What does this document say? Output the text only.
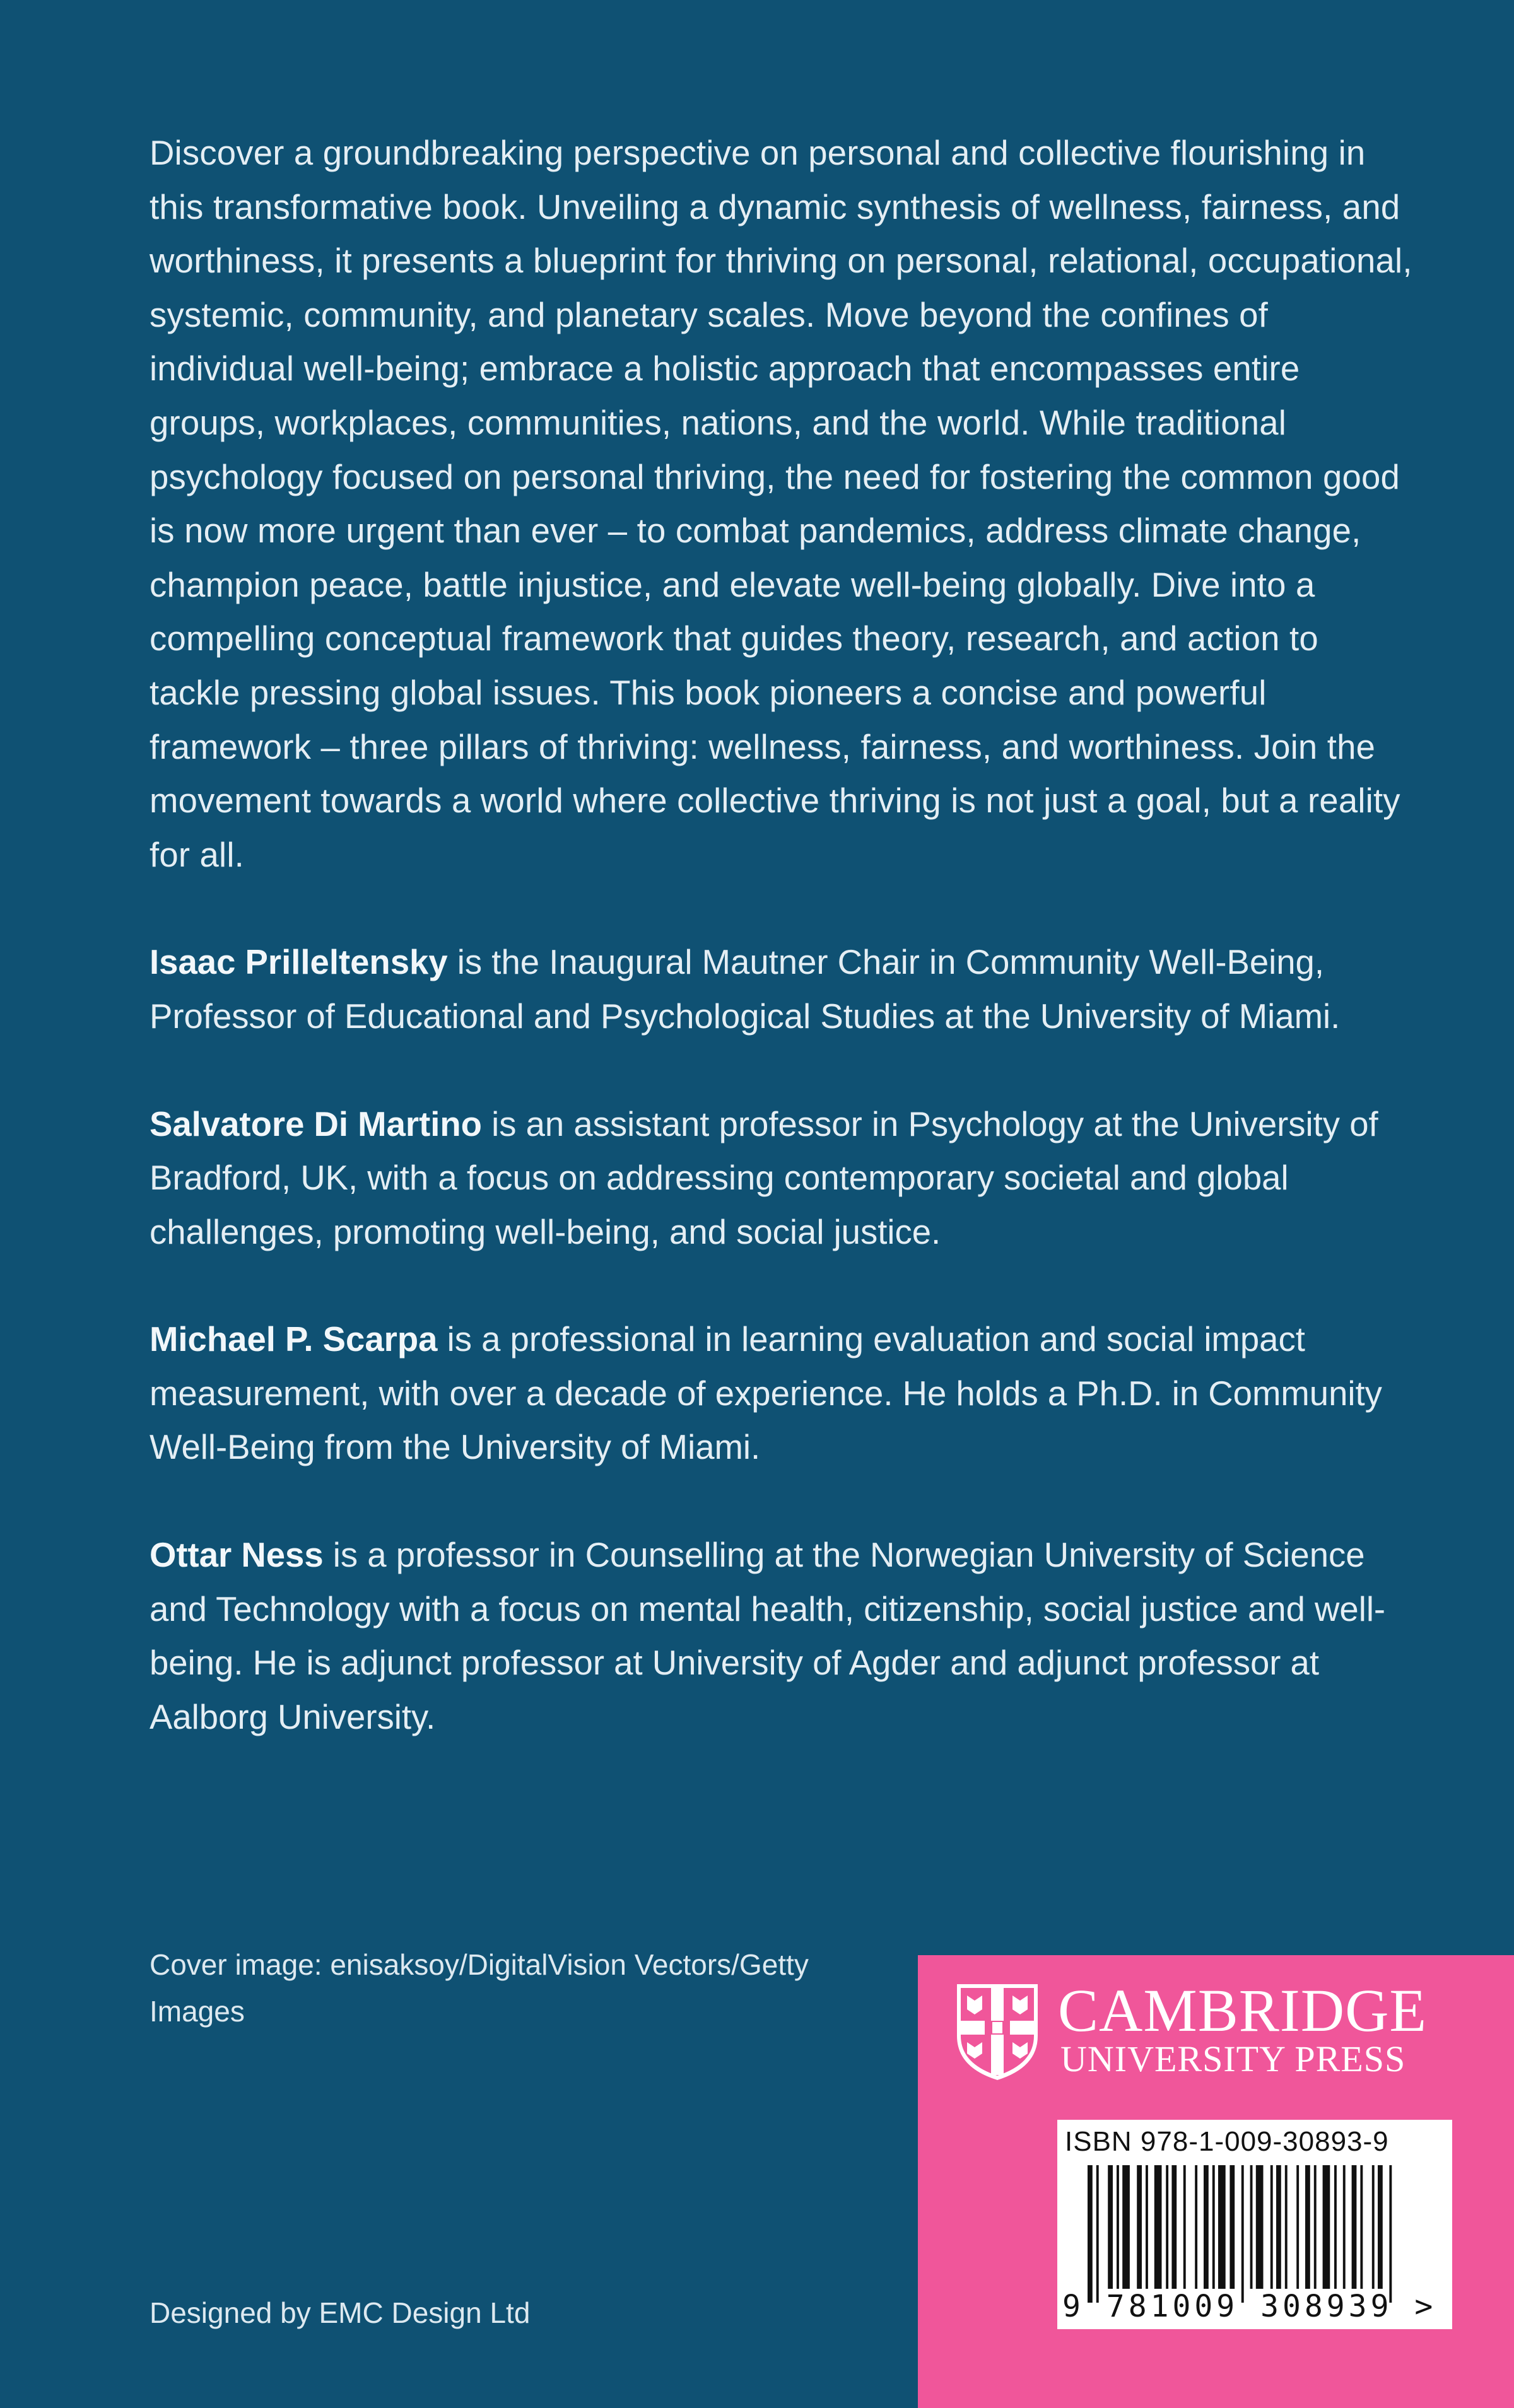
Discover a groundbreaking perspective on personal and collective flourishing in this transformative book. Unveiling a dynamic synthesis of wellness, fairness, and worthiness, it presents a blueprint for thriving on personal, relational, occupational, systemic, community, and planetary scales. Move beyond the confines of individual well-being; embrace a holistic approach that encompasses entire groups, workplaces, communities, nations, and the world. While traditional psychology focused on personal thriving, the need for fostering the common good is now more urgent than ever – to combat pandemics, address climate change, champion peace, battle injustice, and elevate well-being globally. Dive into a compelling conceptual framework that guides theory, research, and action to tackle pressing global issues. This book pioneers a concise and powerful framework – three pillars of thriving: wellness, fairness, and worthiness. Join the movement towards a world where collective thriving is not just a goal, but a reality for all.

Isaac Prilleltensky is the Inaugural Mautner Chair in Community Well-Being, Professor of Educational and Psychological Studies at the University of Miami.

Salvatore Di Martino is an assistant professor in Psychology at the University of Bradford, UK, with a focus on addressing contemporary societal and global challenges, promoting well-being, and social justice.

Michael P. Scarpa is a professional in learning evaluation and social impact measurement, with over a decade of experience. He holds a Ph.D. in Community Well-Being from the University of Miami.

Ottar Ness is a professor in Counselling at the Norwegian University of Science and Technology with a focus on mental health, citizenship, social justice and well-being. He is adjunct professor at University of Agder and adjunct professor at Aalborg University.

Cover image: enisaksoy/DigitalVision Vectors/Getty Images
Designed by EMC Design Ltd
CAMBRIDGE
UNIVERSITY PRESS
ISBN 978-1-009-30893-9
9 781009 308939 >
